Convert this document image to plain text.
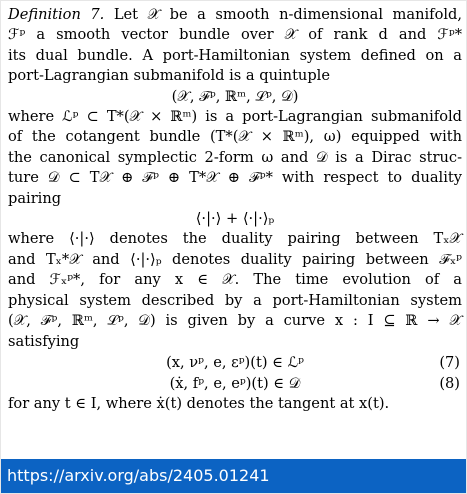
Definition 7. Let 𝒳 be a smooth n-dimensional manifold,
ℱᵖ a smooth vector bundle over 𝒳 of rank d and ℱᵖ*
its dual bundle. A port-Hamiltonian system defined on a
port-Lagrangian submanifold is a quintuple
(𝒳, ℱᵖ, ℝᵐ, ℒᵖ, 𝒟)
where ℒᵖ ⊂ T*(𝒳 × ℝᵐ) is a port-Lagrangian submanifold
of the cotangent bundle (T*(𝒳 × ℝᵐ), ω) equipped with
the canonical symplectic 2-form ω and 𝒟 is a Dirac struc-
ture 𝒟 ⊂ T𝒳 ⊕ ℱᵖ ⊕ T*𝒳 ⊕ ℱᵖ* with respect to duality
pairing
⟨·|·⟩ + ⟨·|·⟩ₚ
where ⟨·|·⟩ denotes the duality pairing between Tₓ𝒳
and Tₓ*𝒳 and ⟨·|·⟩ₚ denotes duality pairing between ℱₓᵖ
and ℱₓᵖ*, for any x ∈ 𝒳. The time evolution of a
physical system described by a port-Hamiltonian system
(𝒳, ℱᵖ, ℝᵐ, ℒᵖ, 𝒟) is given by a curve x : I ⊆ ℝ → 𝒳
satisfying
(x, νᵖ, e, εᵖ)(t) ∈ ℒᵖ	(7)
(ẋ, fᵖ, e, eᵖ)(t) ∈ 𝒟	(8)
for any t ∈ I, where ẋ(t) denotes the tangent at x(t).
https://arxiv.org/abs/2405.01241
